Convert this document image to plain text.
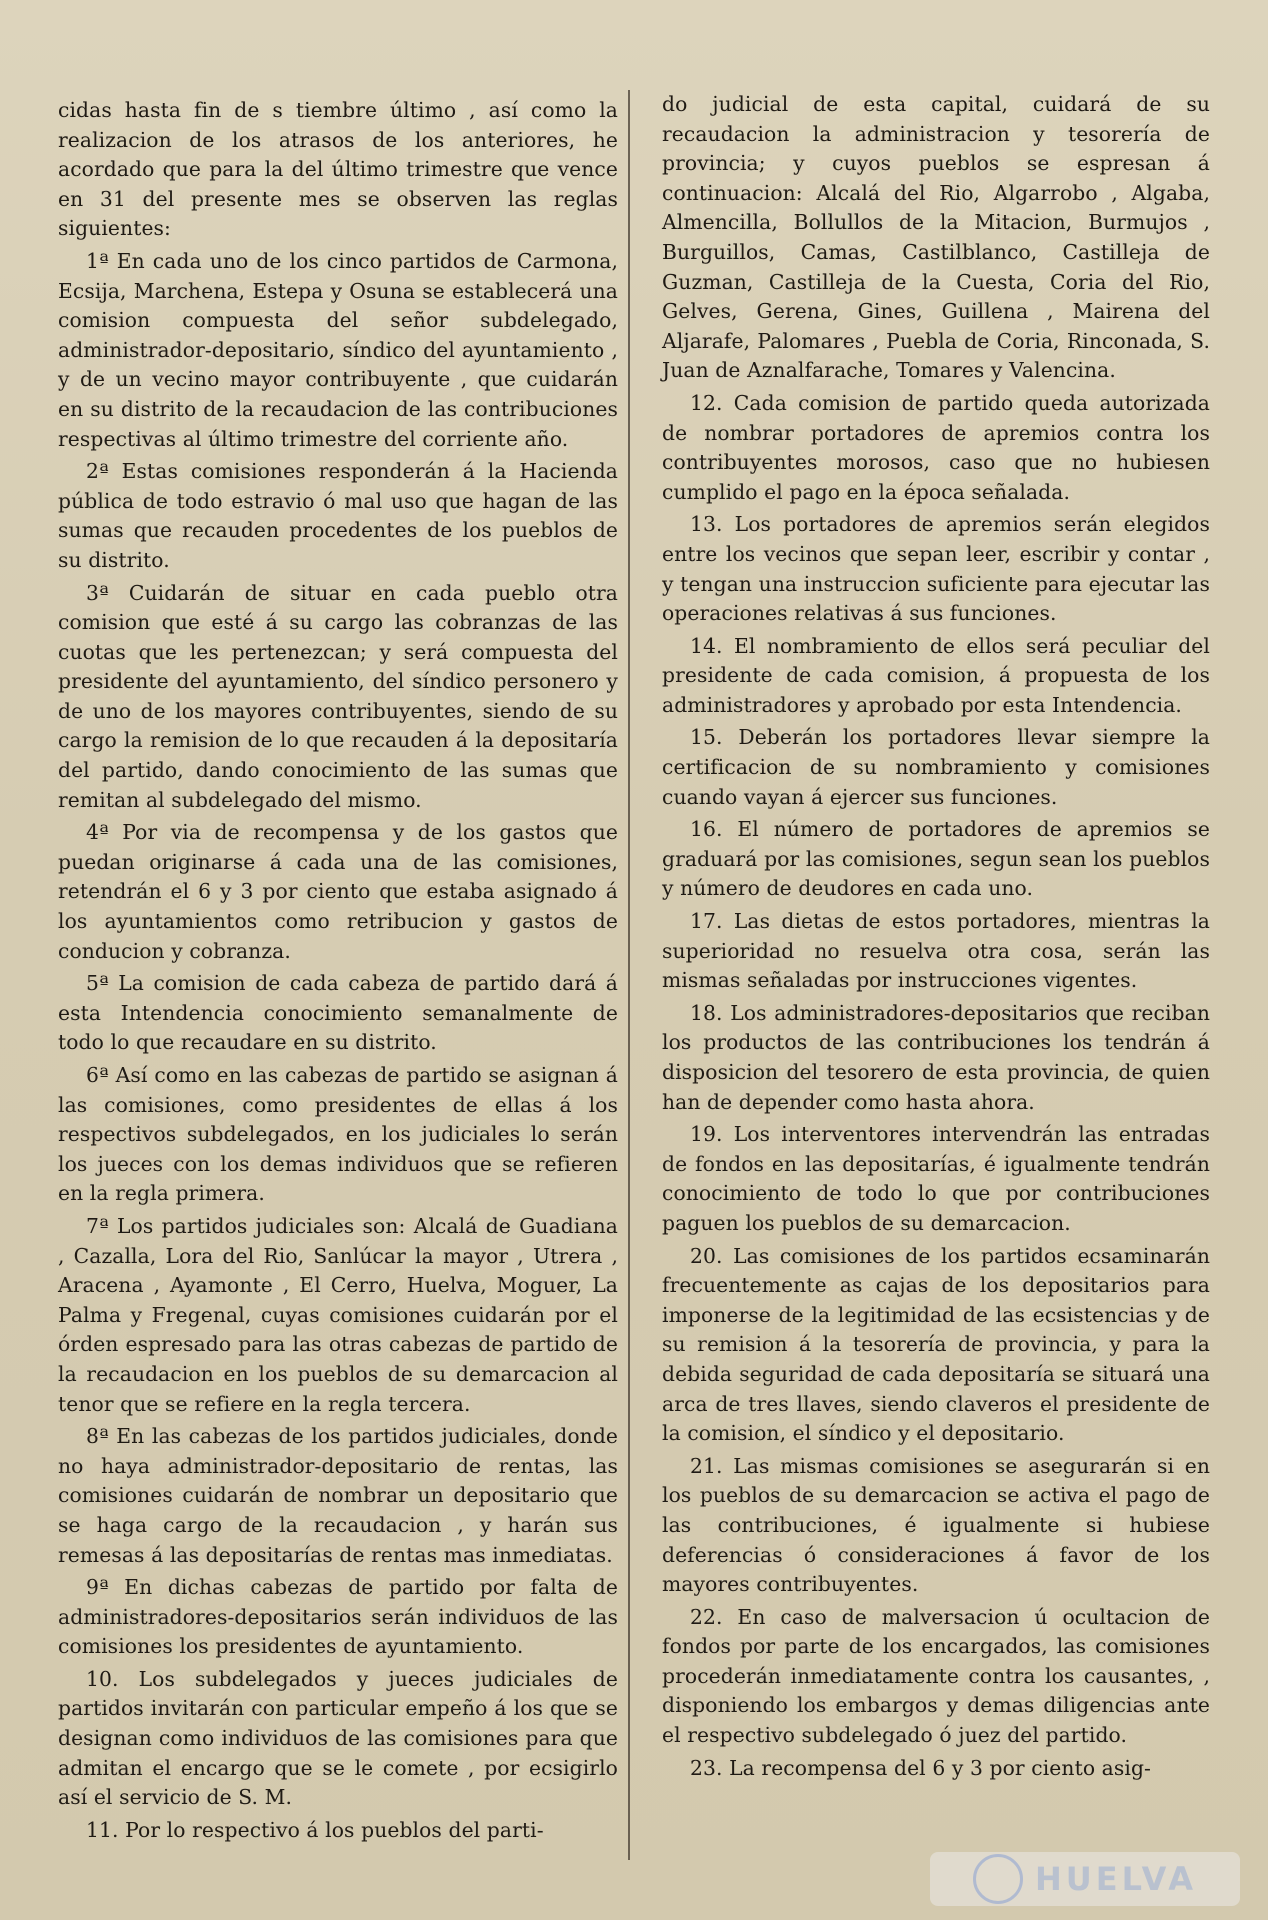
cidas hasta fin de s tiembre último , así como la realizacion de los atrasos de los anteriores, he acordado que para la del último trimestre que vence en 31 del presente mes se observen las reglas siguientes:

1ª En cada uno de los cinco partidos de Carmona, Ecsija, Marchena, Estepa y Osuna se establecerá una comision compuesta del señor subdelegado, administrador-depositario, síndico del ayuntamiento , y de un vecino mayor contribuyente , que cuidarán en su distrito de la recaudacion de las contribuciones respectivas al último trimestre del corriente año.

2ª Estas comisiones responderán á la Hacienda pública de todo estravio ó mal uso que hagan de las sumas que recauden procedentes de los pueblos de su distrito.

3ª Cuidarán de situar en cada pueblo otra comision que esté á su cargo las cobranzas de las cuotas que les pertenezcan; y será compuesta del presidente del ayuntamiento, del síndico personero y de uno de los mayores contribuyentes, siendo de su cargo la remision de lo que recauden á la depositaría del partido, dando conocimiento de las sumas que remitan al subdelegado del mismo.

4ª Por via de recompensa y de los gastos que puedan originarse á cada una de las comisiones, retendrán el 6 y 3 por ciento que estaba asignado á los ayuntamientos como retribucion y gastos de conducion y cobranza.

5ª La comision de cada cabeza de partido dará á esta Intendencia conocimiento semanalmente de todo lo que recaudare en su distrito.

6ª Así como en las cabezas de partido se asignan á las comisiones, como presidentes de ellas á los respectivos subdelegados, en los judiciales lo serán los jueces con los demas individuos que se refieren en la regla primera.

7ª Los partidos judiciales son: Alcalá de Guadiana , Cazalla, Lora del Rio, Sanlúcar la mayor , Utrera , Aracena , Ayamonte , El Cerro, Huelva, Moguer, La Palma y Fregenal, cuyas comisiones cuidarán por el órden espresado para las otras cabezas de partido de la recaudacion en los pueblos de su demarcacion al tenor que se refiere en la regla tercera.

8ª En las cabezas de los partidos judiciales, donde no haya administrador-depositario de rentas, las comisiones cuidarán de nombrar un depositario que se haga cargo de la recaudacion , y harán sus remesas á las depositarías de rentas mas inmediatas.

9ª En dichas cabezas de partido por falta de administradores-depositarios serán individuos de las comisiones los presidentes de ayuntamiento.

10. Los subdelegados y jueces judiciales de partidos invitarán con particular empeño á los que se designan como individuos de las comisiones para que admitan el encargo que se le comete , por ecsigirlo así el servicio de S. M.

11. Por lo respectivo á los pueblos del parti-

do judicial de esta capital, cuidará de su recaudacion la administracion y tesorería de provincia; y cuyos pueblos se espresan á continuacion: Alcalá del Rio, Algarrobo , Algaba, Almencilla, Bollullos de la Mitacion, Burmujos , Burguillos, Camas, Castilblanco, Castilleja de Guzman, Castilleja de la Cuesta, Coria del Rio, Gelves, Gerena, Gines, Guillena , Mairena del Aljarafe, Palomares , Puebla de Coria, Rinconada, S. Juan de Aznalfarache, Tomares y Valencina.

12. Cada comision de partido queda autorizada de nombrar portadores de apremios contra los contribuyentes morosos, caso que no hubiesen cumplido el pago en la época señalada.

13. Los portadores de apremios serán elegidos entre los vecinos que sepan leer, escribir y contar , y tengan una instruccion suficiente para ejecutar las operaciones relativas á sus funciones.

14. El nombramiento de ellos será peculiar del presidente de cada comision, á propuesta de los administradores y aprobado por esta Intendencia.

15. Deberán los portadores llevar siempre la certificacion de su nombramiento y comisiones cuando vayan á ejercer sus funciones.

16. El número de portadores de apremios se graduará por las comisiones, segun sean los pueblos y número de deudores en cada uno.

17. Las dietas de estos portadores, mientras la superioridad no resuelva otra cosa, serán las mismas señaladas por instrucciones vigentes.

18. Los administradores-depositarios que reciban los productos de las contribuciones los tendrán á disposicion del tesorero de esta provincia, de quien han de depender como hasta ahora.

19. Los interventores intervendrán las entradas de fondos en las depositarías, é igualmente tendrán conocimiento de todo lo que por contribuciones paguen los pueblos de su demarcacion.

20. Las comisiones de los partidos ecsaminarán frecuentemente as cajas de los depositarios para imponerse de la legitimidad de las ecsistencias y de su remision á la tesorería de provincia, y para la debida seguridad de cada depositaría se situará una arca de tres llaves, siendo claveros el presidente de la comision, el síndico y el depositario.

21. Las mismas comisiones se asegurarán si en los pueblos de su demarcacion se activa el pago de las contribuciones, é igualmente si hubiese deferencias ó consideraciones á favor de los mayores contribuyentes.

22. En caso de malversacion ú ocultacion de fondos por parte de los encargados, las comisiones procederán inmediatamente contra los causantes, , disponiendo los embargos y demas diligencias ante el respectivo subdelegado ó juez del partido.

23. La recompensa del 6 y 3 por ciento asig-

HUELVA
